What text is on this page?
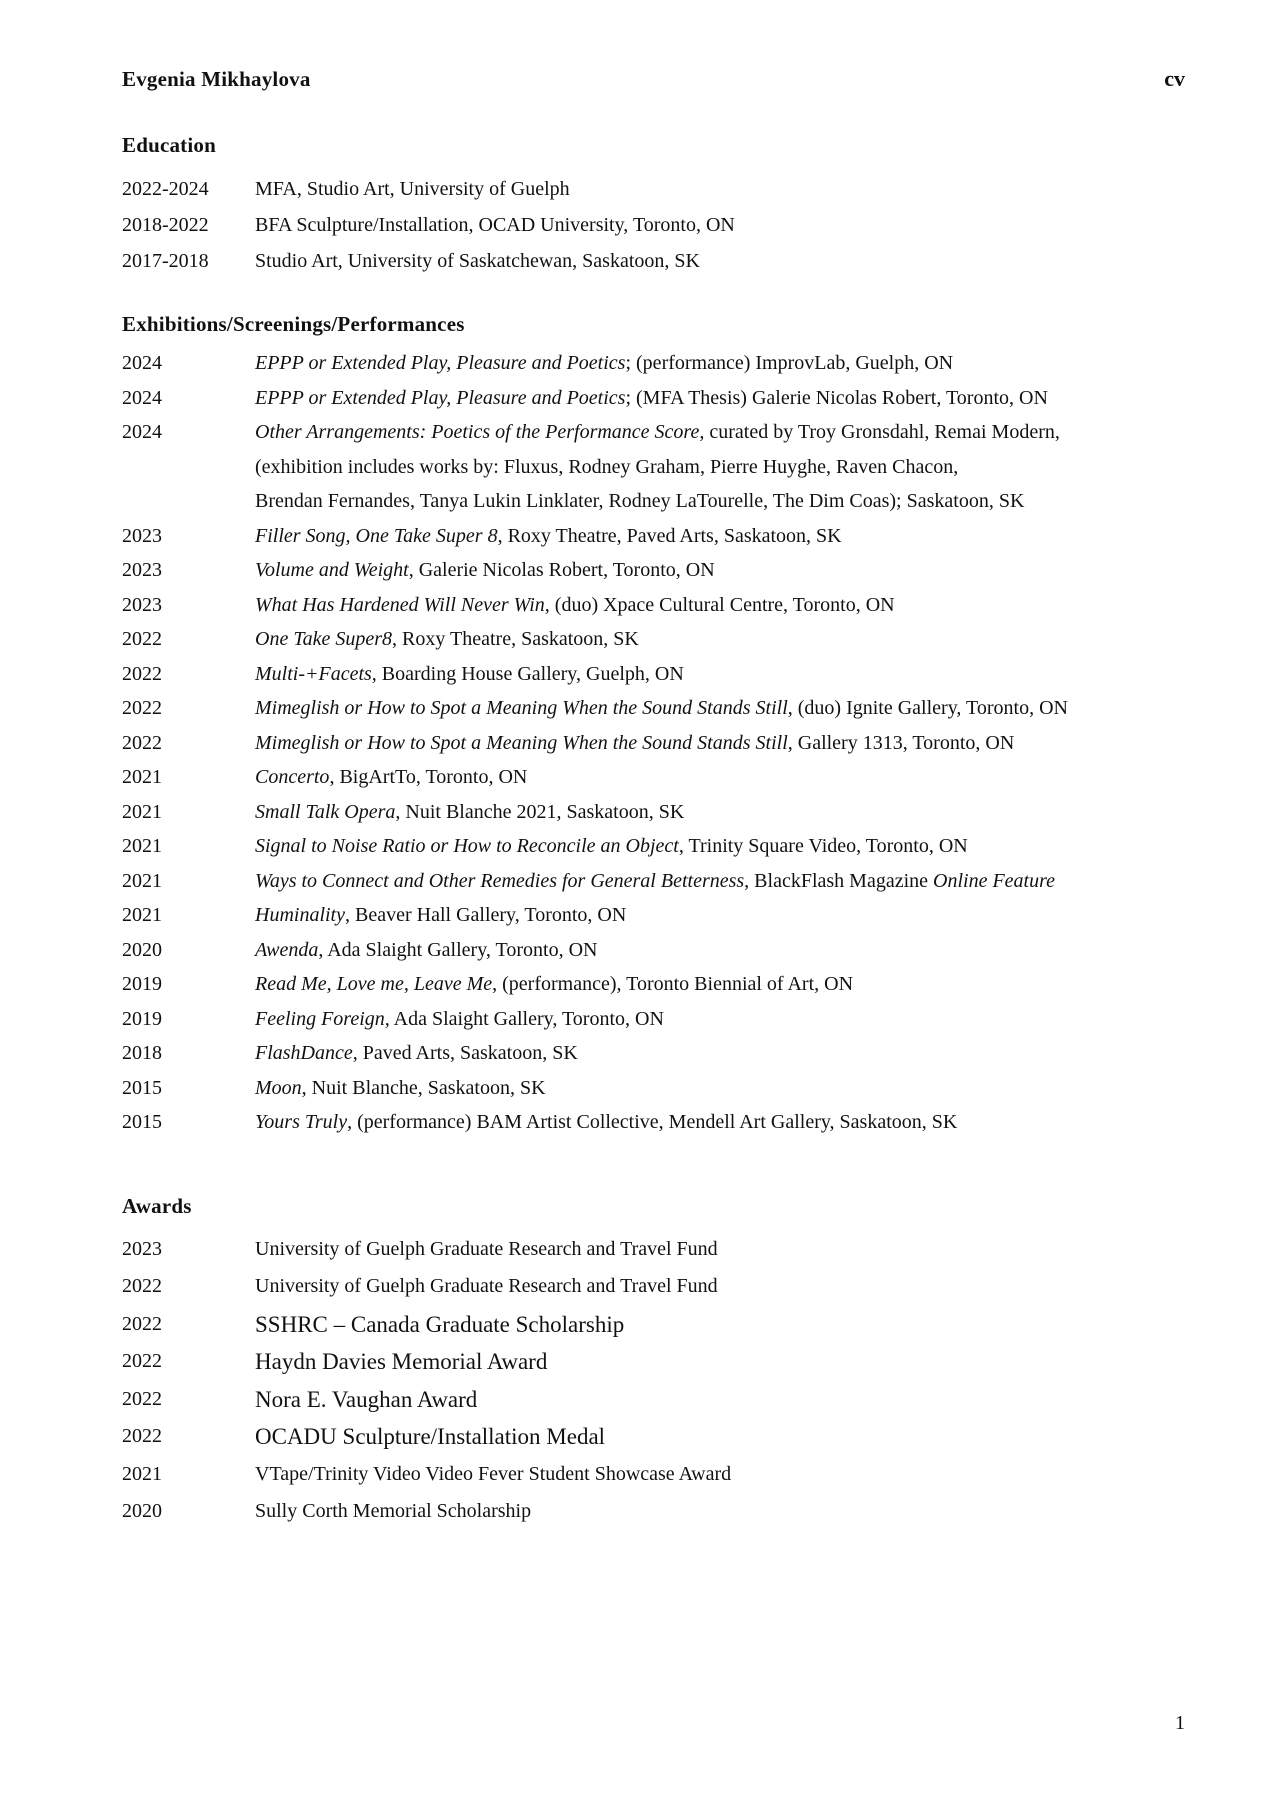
Evgenia Mikhaylova	cv
Education
2022-2024	MFA, Studio Art, University of Guelph
2018-2022	BFA Sculpture/Installation, OCAD University, Toronto, ON
2017-2018	Studio Art, University of Saskatchewan, Saskatoon, SK
Exhibitions/Screenings/Performances
2024	EPPP or Extended Play, Pleasure and Poetics; (performance) ImprovLab, Guelph, ON
2024	EPPP or Extended Play, Pleasure and Poetics; (MFA Thesis) Galerie Nicolas Robert, Toronto, ON
2024	Other Arrangements: Poetics of the Performance Score, curated by Troy Gronsdahl, Remai Modern,
(exhibition includes works by: Fluxus, Rodney Graham, Pierre Huyghe, Raven Chacon,
Brendan Fernandes, Tanya Lukin Linklater, Rodney LaTourelle, The Dim Coas); Saskatoon, SK
2023	Filler Song, One Take Super 8, Roxy Theatre, Paved Arts, Saskatoon, SK
2023	Volume and Weight, Galerie Nicolas Robert, Toronto, ON
2023	What Has Hardened Will Never Win, (duo) Xpace Cultural Centre, Toronto, ON
2022	One Take Super8, Roxy Theatre, Saskatoon, SK
2022	Multi-+Facets, Boarding House Gallery, Guelph, ON
2022	Mimeglish or How to Spot a Meaning When the Sound Stands Still, (duo) Ignite Gallery, Toronto, ON
2022	Mimeglish or How to Spot a Meaning When the Sound Stands Still, Gallery 1313, Toronto, ON
2021	Concerto, BigArtTo, Toronto, ON
2021	Small Talk Opera, Nuit Blanche 2021, Saskatoon, SK
2021	Signal to Noise Ratio or How to Reconcile an Object, Trinity Square Video, Toronto, ON
2021	Ways to Connect and Other Remedies for General Betterness, BlackFlash Magazine Online Feature
2021	Huminality, Beaver Hall Gallery, Toronto, ON
2020	Awenda, Ada Slaight Gallery, Toronto, ON
2019	Read Me, Love me, Leave Me, (performance), Toronto Biennial of Art, ON
2019	Feeling Foreign, Ada Slaight Gallery, Toronto, ON
2018	FlashDance, Paved Arts, Saskatoon, SK
2015	Moon, Nuit Blanche, Saskatoon, SK
2015	Yours Truly, (performance) BAM Artist Collective, Mendell Art Gallery, Saskatoon, SK
Awards
2023	University of Guelph Graduate Research and Travel Fund
2022	University of Guelph Graduate Research and Travel Fund
2022	SSHRC – Canada Graduate Scholarship
2022	Haydn Davies Memorial Award
2022	Nora E. Vaughan Award
2022	OCADU Sculpture/Installation Medal
2021	VTape/Trinity Video Video Fever Student Showcase Award
2020	Sully Corth Memorial Scholarship
1
